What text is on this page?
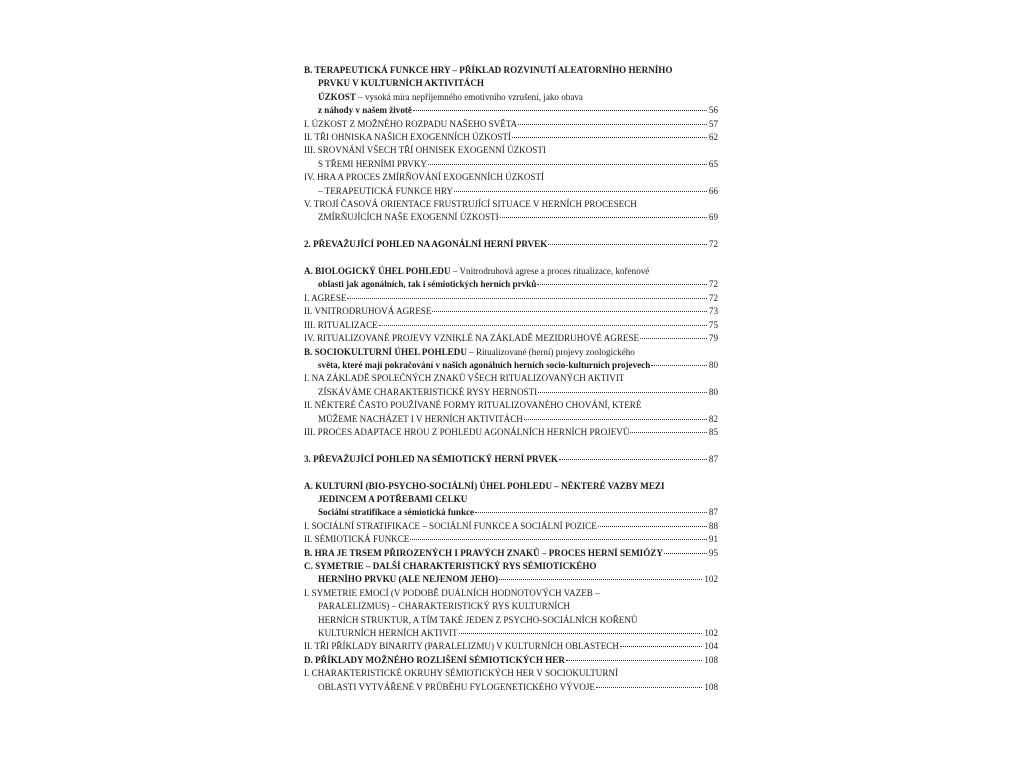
B. TERAPEUTICKÁ FUNKCE HRY – PŘÍKLAD ROZVINUTÍ ALEATORNÍHO HERNÍHO
PRVKU V KULTURNÍCH AKTIVITÁCH
ÚZKOST – vysoká míra nepříjemného emotivního vzrušení, jako obava
z náhody v našem životě	56
I. ÚZKOST Z MOŽNÉHO ROZPADU NAŠEHO SVĚTA	57
II. TŘI OHNISKA NAŠICH EXOGENNÍCH ÚZKOSTÍ	62
III. SROVNÁNÍ VŠECH TŘÍ OHNISEK EXOGENNÍ ÚZKOSTI
S TŘEMI HERNÍMI PRVKY	65
IV. HRA A PROCES ZMÍRŇOVÁNÍ EXOGENNÍCH ÚZKOSTÍ
– TERAPEUTICKÁ FUNKCE HRY	66
V. TROJÍ ČASOVÁ ORIENTACE FRUSTRUJÍCÍ SITUACE V HERNÍCH PROCESECH
ZMÍRŇUJÍCÍCH NAŠE EXOGENNÍ ÚZKOSTI	69
2. PŘEVAŽUJÍCÍ POHLED NA AGONÁLNÍ HERNÍ PRVEK	72
A. BIOLOGICKÝ ÚHEL POHLEDU – Vnitrodruhová agrese a proces ritualizace, kořenové
oblasti jak agonálních, tak i sémiotických herních prvků	72
I. AGRESE	72
II. VNITRODRUHOVÁ AGRESE	73
III. RITUALIZACE	75
IV. RITUALIZOVANÉ PROJEVY VZNIKLÉ NA ZÁKLADĚ MEZIDRUHOVÉ AGRESE	79
B. SOCIOKULTURNÍ ÚHEL POHLEDU – Ritualizované (herní) projevy zoologického
světa, které mají pokračování v našich agonálních herních socio-kulturních projevech	80
I. NA ZÁKLADĚ SPOLEČNÝCH ZNAKŮ VŠECH RITUALIZOVANÝCH AKTIVIT
ZÍSKÁVÁME CHARAKTERISTICKÉ RYSY HERNOSTI	80
II. NĚKTERÉ ČASTO POUŽÍVANÉ FORMY RITUALIZOVANÉHO CHOVÁNÍ, KTERÉ
MŮŽEME NACHÁZET I V HERNÍCH AKTIVITÁCH	82
III. PROCES ADAPTACE HROU Z POHLEDU AGONÁLNÍCH HERNÍCH PROJEVŮ	85
3. PŘEVAŽUJÍCÍ POHLED NA SÉMIOTICKÝ HERNÍ PRVEK	87
A. KULTURNÍ (BIO-PSYCHO-SOCIÁLNÍ) ÚHEL POHLEDU – NĚKTERÉ VAZBY MEZI
JEDINCEM A POTŘEBAMI CELKU
Sociální stratifikace a sémiotická funkce	87
I. SOCIÁLNÍ STRATIFIKACE – SOCIÁLNÍ FUNKCE A SOCIÁLNÍ POZICE	88
II. SÉMIOTICKÁ FUNKCE	91
B. HRA JE TRSEM PŘIROZENÝCH I PRAVÝCH ZNAKŮ – PROCES HERNÍ SEMIÓZY	95
C. SYMETRIE – DALŠÍ CHARAKTERISTICKÝ RYS SÉMIOTICKÉHO
HERNÍHO PRVKU (ALE NEJENOM JEHO)	102
I. SYMETRIE EMOCÍ (V PODOBĚ DUÁLNÍCH HODNOTOVÝCH VAZEB –
PARALELIZMUS) – CHARAKTERISTICKÝ RYS KULTURNÍCH
HERNÍCH STRUKTUR, A TÍM TAKÉ JEDEN Z PSYCHO-SOCIÁLNÍCH KOŘENŮ
KULTURNÍCH HERNÍCH AKTIVIT	102
II. TŘI PŘÍKLADY BINARITY (PARALELIZMU) V KULTURNÍCH OBLASTECH	104
D. PŘÍKLADY MOŽNÉHO ROZLIŠENÍ SÉMIOTICKÝCH HER	108
I. CHARAKTERISTICKÉ OKRUHY SÉMIOTICKÝCH HER V SOCIOKULTURNÍ
OBLASTI VYTVÁŘENÉ V PRŮBĚHU FYLOGENETICKÉHO VÝVOJE	108
